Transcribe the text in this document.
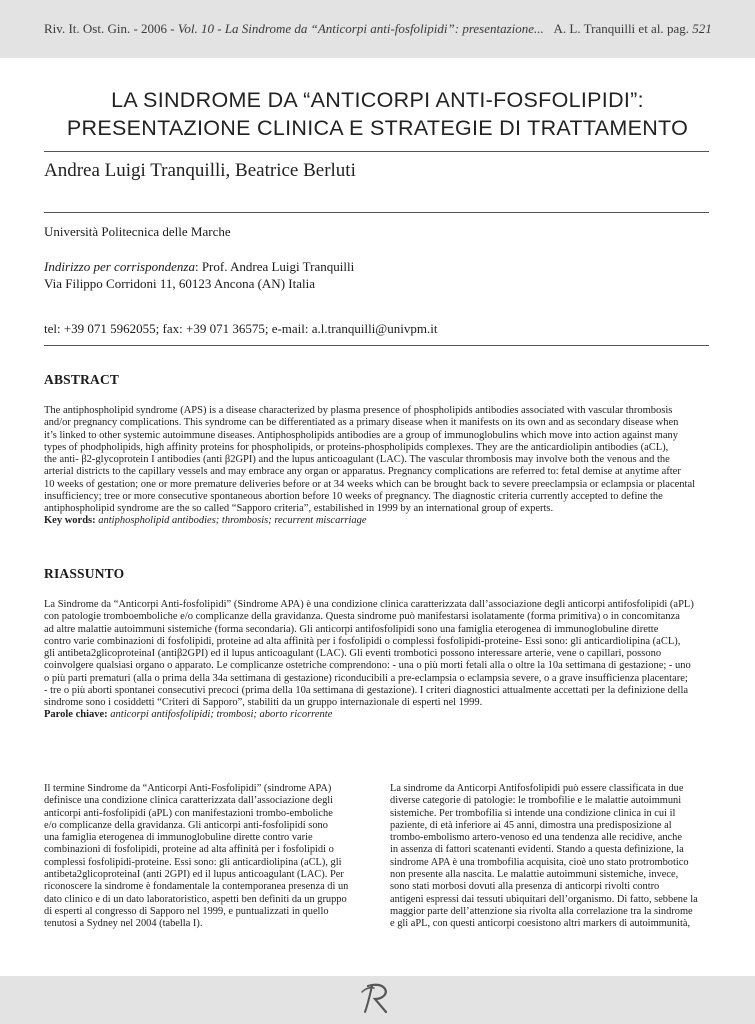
Riv. It. Ost. Gin. - 2006 - Vol. 10 - La Sindrome da “Anticorpi anti-fosfolipidi”: presentazione... A. L. Tranquilli et al. pag. 521
LA SINDROME DA “ANTICORPI ANTI-FOSFOLIPIDI”:
PRESENTAZIONE CLINICA E STRATEGIE DI TRATTAMENTO
Andrea Luigi Tranquilli, Beatrice Berluti
Università Politecnica delle Marche
Indirizzo per corrispondenza: Prof. Andrea Luigi Tranquilli
Via Filippo Corridoni 11, 60123 Ancona (AN) Italia
tel: +39 071 5962055; fax: +39 071 36575; e-mail: a.l.tranquilli@univpm.it
ABSTRACT

The antiphospholipid syndrome (APS) is a disease characterized by plasma presence of phospholipids antibodies associated with vascular thrombosis

and/or pregnancy complications. This syndrome can be differentiated as a primary disease when it manifests on its own and as secondary disease when

it’s linked to other systemic autoimmune diseases. Antiphospholipids antibodies are a group of immunoglobulins which move into action against many

types of phodpholipids, high affinity proteins for phospholipids, or proteins-phospholipids complexes. They are the anticardiolipin antibodies (aCL),

the anti- β2-glycoprotein I antibodies (anti β2GPI) and the lupus anticoagulant (LAC). The vascular thrombosis may involve both the venous and the

arterial districts to the capillary vessels and may embrace any organ or apparatus. Pregnancy complications are referred to: fetal demise at anytime after

10 weeks of gestation; one or more premature deliveries before or at 34 weeks which can be brought back to severe preeclampsia or eclampsia or placental

insufficiency; tree or more consecutive spontaneous abortion before 10 weeks of pregnancy. The diagnostic criteria currently accepted to define the

antiphospholipid syndrome are the so called “Sapporo criteria”, estabilished in 1999 by an international group of experts.

Key words: antiphospholipid antibodies; thrombosis; recurrent miscarriage

RIASSUNTO

La Sindrome da “Anticorpi Anti-fosfolipidi” (Sindrome APA) è una condizione clinica caratterizzata dall’associazione degli anticorpi antifosfolipidi (aPL)

con patologie tromboemboliche e/o complicanze della gravidanza. Questa sindrome può manifestarsi isolatamente (forma primitiva) o in concomitanza

ad altre malattie autoimmuni sistemiche (forma secondaria). Gli anticorpi antifosfolipidi sono una famiglia eterogenea di immunoglobuline dirette

contro varie combinazioni di fosfolipidi, proteine ad alta affinità per i fosfolipidi o complessi fosfolipidi-proteine- Essi sono: gli anticardiolipina (aCL),

gli antibeta2glicoproteinaI (antiβ2GPI) ed il lupus anticoagulant (LAC). Gli eventi trombotici possono interessare arterie, vene o capillari, possono

coinvolgere qualsiasi organo o apparato. Le complicanze ostetriche comprendono: - una o più morti fetali alla o oltre la 10a settimana di gestazione; - uno

o più parti prematuri (alla o prima della 34a settimana di gestazione) riconducibili a pre-eclampsia o eclampsia severe, o a grave insufficienza placentare;

- tre o più aborti spontanei consecutivi precoci (prima della 10a settimana di gestazione). I criteri diagnostici attualmente accettati per la definizione della

sindrome sono i cosiddetti “Criteri di Sapporo”, stabiliti da un gruppo internazionale di esperti nel 1999.

Parole chiave: anticorpi antifosfolipidi; trombosi; aborto ricorrente

Il termine Sindrome da “Anticorpi Anti-Fosfolipidi” (sindrome APA)

definisce una condizione clinica caratterizzata dall’associazione degli

anticorpi anti-fosfolipidi (aPL) con manifestazioni trombo-emboliche

e/o complicanze della gravidanza. Gli anticorpi anti-fosfolipidi sono

una famiglia eterogenea di immunoglobuline dirette contro varie

combinazioni di fosfolipidi, proteine ad alta affinità per i fosfolipidi o

complessi fosfolipidi-proteine. Essi sono: gli anticardiolipina (aCL), gli

antibeta2glicoproteinaI (anti 2GPI) ed il lupus anticoagulant (LAC). Per

riconoscere la sindrome è fondamentale la contemporanea presenza di un

dato clinico e di un dato laboratoristico, aspetti ben definiti da un gruppo

di esperti al congresso di Sapporo nel 1999, e puntualizzati in quello

tenutosi a Sydney nel 2004 (tabella I).

La sindrome da Anticorpi Antifosfolipidi può essere classificata in due

diverse categorie di patologie: le trombofilie e le malattie autoimmuni

sistemiche. Per trombofilia si intende una condizione clinica in cui il

paziente, di età inferiore ai 45 anni, dimostra una predisposizione al

trombo-embolismo artero-venoso ed una tendenza alle recidive, anche

in assenza di fattori scatenanti evidenti. Stando a questa definizione, la

sindrome APA è una trombofilia acquisita, cioè uno stato protrombotico

non presente alla nascita. Le malattie autoimmuni sistemiche, invece,

sono stati morbosi dovuti alla presenza di anticorpi rivolti contro

antigeni espressi dai tessuti ubiquitari dell’organismo. Di fatto, sebbene la

maggior parte dell’attenzione sia rivolta alla correlazione tra la sindrome

e gli aPL, con questi anticorpi coesistono altri markers di autoimmunità,
